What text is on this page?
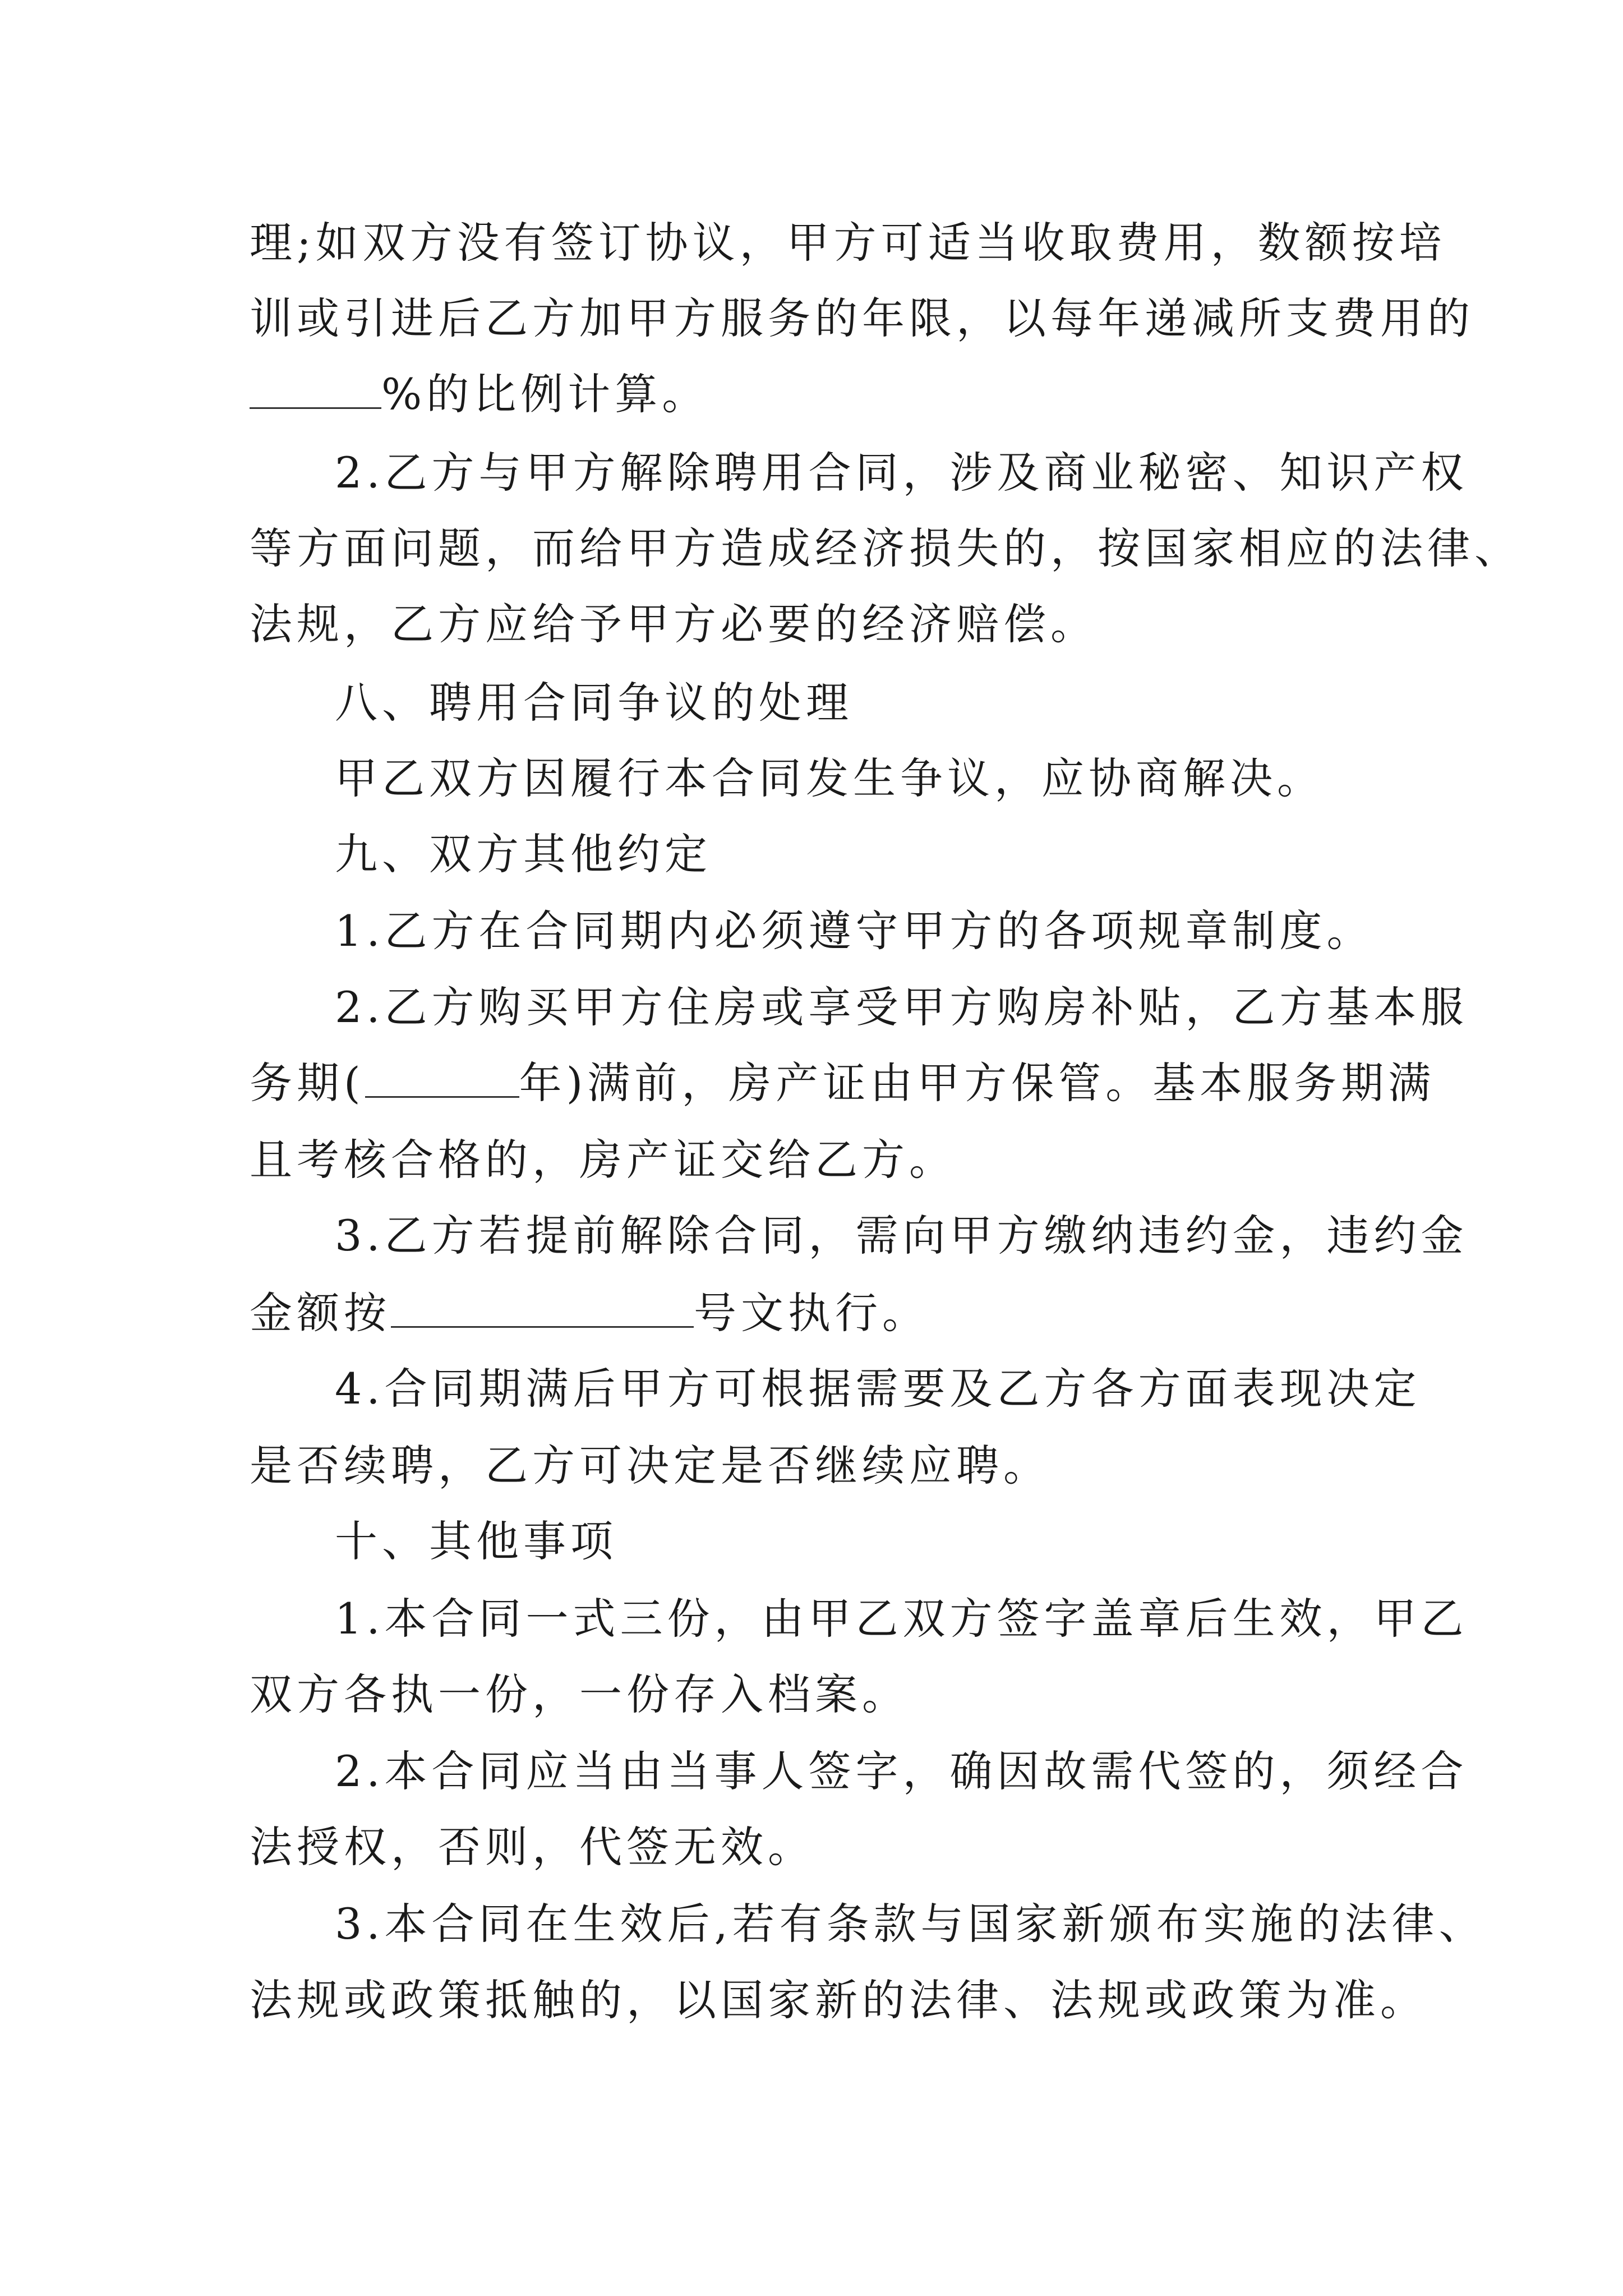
理;如双方没有签订协议，甲方可适当收取费用，数额按培
训或引进后乙方加甲方服务的年限，以每年递减所支费用的
%的比例计算。
2.乙方与甲方解除聘用合同，涉及商业秘密、知识产权
等方面问题，而给甲方造成经济损失的，按国家相应的法律、
法规，乙方应给予甲方必要的经济赔偿。
八、聘用合同争议的处理
甲乙双方因履行本合同发生争议，应协商解决。
九、双方其他约定
1.乙方在合同期内必须遵守甲方的各项规章制度。
2.乙方购买甲方住房或享受甲方购房补贴，乙方基本服
务期(	年)满前，房产证由甲方保管。基本服务期满
且考核合格的，房产证交给乙方。
3.乙方若提前解除合同，需向甲方缴纳违约金，违约金
金额按	号文执行。
4.合同期满后甲方可根据需要及乙方各方面表现决定
是否续聘，乙方可决定是否继续应聘。
十、其他事项
1.本合同一式三份，由甲乙双方签字盖章后生效，甲乙
双方各执一份，一份存入档案。
2.本合同应当由当事人签字，确因故需代签的，须经合
法授权，否则，代签无效。
3.本合同在生效后,若有条款与国家新颁布实施的法律、
法规或政策抵触的，以国家新的法律、法规或政策为准。
